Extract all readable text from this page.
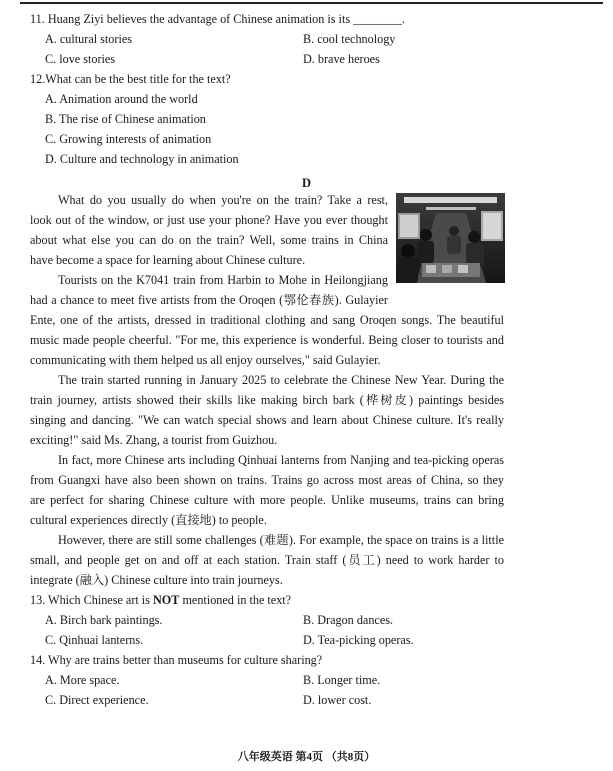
11. Huang Ziyi believes the advantage of Chinese animation is its ________.
A. cultural stories	B. cool technology
C. love stories	D. brave heroes
12.What can be the best title for the text?
A. Animation around the world
B. The rise of Chinese animation
C. Growing interests of animation
D. Culture and technology in animation
D
What do you usually do when you're on the train? Take a rest,
look out of the window, or just use your phone? Have you ever thought
about what else you can do on the train? Well, some trains in China
have become a space for learning about Chinese culture.
Tourists on the K7041 train from Harbin to Mohe in Heilongjiang
had a chance to meet five artists from the Oroqen (鄂伦春族). Gulayier
Ente, one of the artists, dressed in traditional clothing and sang Oroqen songs. The beautiful
music made people cheerful. "For me, this experience is wonderful. Being closer to tourists and
communicating with them helped us all enjoy ourselves," said Gulayier.
The train started running in January 2025 to celebrate the Chinese New Year. During the
train journey, artists showed their skills like making birch bark (桦树皮) paintings besides
singing and dancing. "We can watch special shows and learn about Chinese culture. It's really
exciting!" said Ms. Zhang, a tourist from Guizhou.
In fact, more Chinese arts including Qinhuai lanterns from Nanjing and tea-picking operas
from Guangxi have also been shown on trains. Trains go across most areas of China, so they
are perfect for sharing Chinese culture with more people. Unlike museums, trains can bring
cultural experiences directly (直接地) to people.
However, there are still some challenges (难题). For example, the space on trains is a little
small, and people get on and off at each station. Train staff (员工) need to work harder to
integrate (融入) Chinese culture into train journeys.
13. Which Chinese art is NOT mentioned in the text?
A. Birch bark paintings.	B. Dragon dances.
C. Qinhuai lanterns.	D. Tea-picking operas.
14. Why are trains better than museums for culture sharing?
A. More space.	B. Longer time.
C. Direct experience.	D. lower cost.
八年级英语 第4页 （共8页）
